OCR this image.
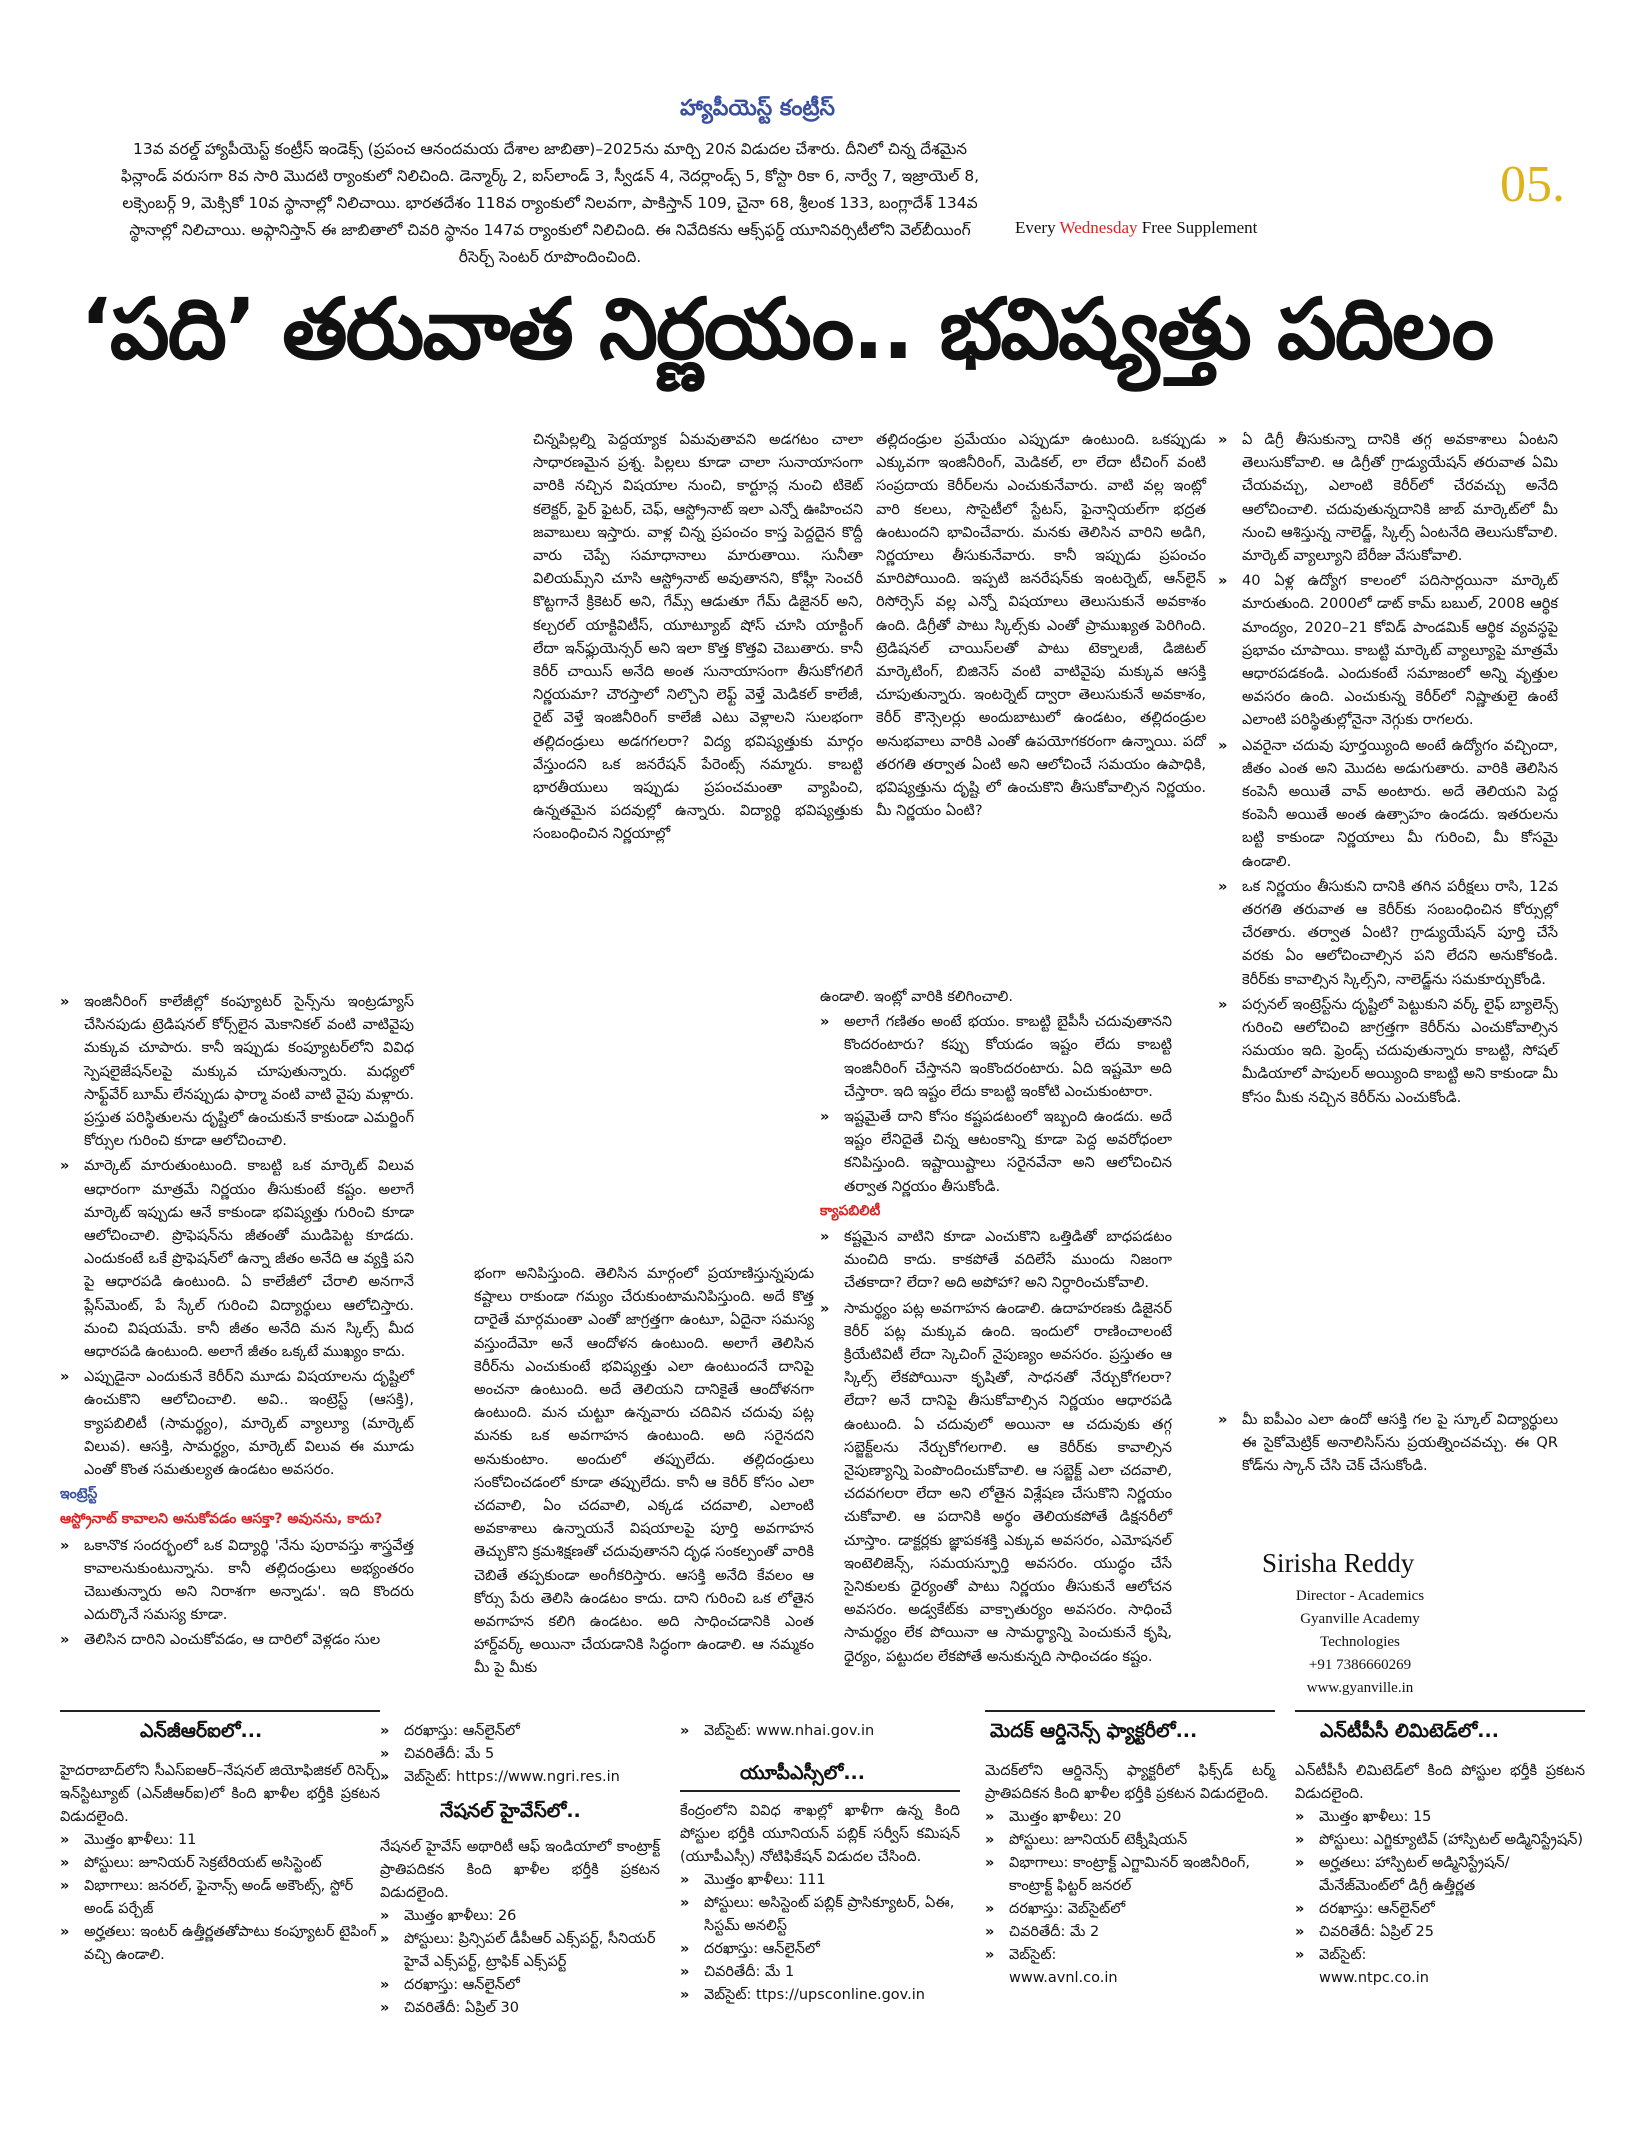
హ్యాపీయెస్ట్ కంట్రీస్
13వ వరల్డ్ హ్యాపీయెస్ట్ కంట్రీస్ ఇండెక్స్ (ప్రపంచ ఆనందమయ దేశాల జాబితా)–2025ను మార్చి 20న విడుదల చేశారు. దీనిలో చిన్న దేశమైన ఫిన్లాండ్ వరుసగా 8వ సారి మొదటి ర్యాంకులో నిలిచింది. డెన్మార్క్ 2, ఐస్‌లాండ్ 3, స్వీడన్ 4, నెదర్లాండ్స్ 5, కోస్టా రికా 6, నార్వే 7, ఇజ్రాయెల్ 8, లక్సెంబర్గ్ 9, మెక్సికో 10వ స్థానాల్లో నిలిచాయి. భారతదేశం 118వ ర్యాంకులో నిలవగా, పాకిస్తాన్ 109, చైనా 68, శ్రీలంక 133, బంగ్లాదేశ్ 134వ స్థానాల్లో నిలిచాయి. అఫ్గానిస్తాన్ ఈ జాబితాలో చివరి స్థానం 147వ ర్యాంకులో నిలిచింది. ఈ నివేదికను ఆక్స్‌ఫర్డ్ యూనివర్సిటీలోని వెల్‌బీయింగ్ రీసెర్చ్ సెంటర్ రూపొందించింది.
05.
Every Wednesday Free Supplement
‘పది’ తరువాత నిర్ణయం.. భవిష్యత్తు పదిలం

చిన్నపిల్లల్ని పెద్దయ్యాక ఏమవుతావని అడగటం చాలా సాధారణమైన ప్రశ్న. పిల్లలు కూడా చాలా సునాయాసంగా వారికి నచ్చిన విషయాల నుంచి, కార్టూన్ల నుంచి టికెట్ కలెక్టర్, ఫైర్ ఫైటర్, చెఫ్, ఆస్ట్రోనాట్ ఇలా ఎన్నో ఊహించని జవాబులు ఇస్తారు. వాళ్ల చిన్న ప్రపంచం కాస్త పెద్దదైన కొద్దీ వారు చెప్పే సమాధానాలు మారుతాయి. సునీతా విలియమ్స్‌ని చూసి ఆస్ట్రోనాట్ అవుతానని, కోహ్లీ సెంచరీ కొట్టగానే క్రికెటర్ అని, గేమ్స్ ఆడుతూ గేమ్ డిజైనర్ అని, కల్చరల్ యాక్టివిటీస్, యూట్యూబ్ షోస్ చూసి యాక్టింగ్ లేదా ఇన్‌ఫ్లుయెన్సర్ అని ఇలా కొత్త కొత్తవి చెబుతారు. కానీ కెరీర్ చాయిస్ అనేది అంత సునాయాసంగా తీసుకోగలిగే నిర్ణయమా? చౌరస్తాలో నిల్చొని లెఫ్ట్ వెళ్తే మెడికల్ కాలేజీ, రైట్ వెళ్తే ఇంజినీరింగ్ కాలేజీ ఎటు వెళ్లాలని సులభంగా తల్లిదండ్రులు అడగగలరా? విద్య భవిష్యత్తుకు మార్గం వేస్తుందని ఒక జనరేషన్ పేరెంట్స్ నమ్మారు. కాబట్టి భారతీయులు ఇప్పుడు ప్రపంచమంతా వ్యాపించి, ఉన్నతమైన పదవుల్లో ఉన్నారు. విద్యార్థి భవిష్యత్తుకు సంబంధించిన నిర్ణయాల్లో

తల్లిదండ్రుల ప్రమేయం ఎప్పుడూ ఉంటుంది. ఒకప్పుడు ఎక్కువగా ఇంజినీరింగ్, మెడికల్, లా లేదా టీచింగ్ వంటి సంప్రదాయ కెరీర్‌లను ఎంచుకునేవారు. వాటి వల్ల ఇంట్లో వారి కలలు, సొసైటీలో స్టేటస్, ఫైనాన్షియల్‌గా భద్రత ఉంటుందని భావించేవారు. మనకు తెలిసిన వారిని అడిగి, నిర్ణయాలు తీసుకునేవారు. కానీ ఇప్పుడు ప్రపంచం మారిపోయింది. ఇప్పటి జనరేషన్‌కు ఇంటర్నెట్, ఆన్‌లైన్ రిసోర్సెస్ వల్ల ఎన్నో విషయాలు తెలుసుకునే అవకాశం ఉంది. డిగ్రీతో పాటు స్కిల్స్‌కు ఎంతో ప్రాముఖ్యత పెరిగింది. ట్రెడిషనల్ చాయిస్‌లతో పాటు టెక్నాలజీ, డిజిటల్ మార్కెటింగ్, బిజినెస్ వంటి వాటివైపు మక్కువ ఆసక్తి చూపుతున్నారు. ఇంటర్నెట్ ద్వారా తెలుసుకునే అవకాశం, కెరీర్ కౌన్సెలర్లు అందుబాటులో ఉండటం, తల్లిదండ్రుల అనుభవాలు వారికి ఎంతో ఉపయోగకరంగా ఉన్నాయి. పదో తరగతి తర్వాత ఏంటి అని ఆలోచించే సమయం ఉపాధికి, భవిష్యత్తును దృష్టి లో ఉంచుకొని తీసుకోవాల్సిన నిర్ణయం. మీ నిర్ణయం ఏంటి?

» ఏ డిగ్రీ తీసుకున్నా దానికి తగ్గ అవకాశాలు ఏంటని తెలుసుకోవాలి. ఆ డిగ్రీతో గ్రాడ్యుయేషన్ తరువాత ఏమి చేయవచ్చు, ఎలాంటి కెరీర్‌లో చేరవచ్చు అనేది ఆలోచించాలి. చదువుతున్నదానికి జాబ్ మార్కెట్‌లో మీ నుంచి ఆశిస్తున్న నాలెడ్జ్, స్కిల్స్ ఏంటనేది తెలుసుకోవాలి. మార్కెట్ వ్యాల్యూని బేరీజు వేసుకోవాలి.

» 40 ఏళ్ల ఉద్యోగ కాలంలో పదిసార్లయినా మార్కెట్ మారుతుంది. 2000లో డాట్ కామ్ బబుల్, 2008 ఆర్థిక మాంద్యం, 2020–21 కోవిడ్ పాండమిక్ ఆర్థిక వ్యవస్థపై ప్రభావం చూపాయి. కాబట్టి మార్కెట్ వ్యాల్యూపై మాత్రమే ఆధారపడకండి. ఎందుకంటే సమాజంలో అన్ని వృత్తుల అవసరం ఉంది. ఎంచుకున్న కెరీర్‌లో నిష్ణాతులై ఉంటే ఎలాంటి పరిస్థితుల్లోనైనా నెగ్గుకు రాగలరు.

» ఎవరైనా చదువు పూర్తయ్యింది అంటే ఉద్యోగం వచ్చిందా, జీతం ఎంత అని మొదట అడుగుతారు. వారికి తెలిసిన కంపెనీ అయితే వావ్ అంటారు. అదే తెలియని పెద్ద కంపెనీ అయితే అంత ఉత్సాహం ఉండదు. ఇతరులను బట్టి కాకుండా నిర్ణయాలు మీ గురించి, మీ కోసమై ఉండాలి.

» ఒక నిర్ణయం తీసుకుని దానికి తగిన పరీక్షలు రాసి, 12వ తరగతి తరువాత ఆ కెరీర్‌కు సంబంధించిన కోర్సుల్లో చేరతారు. తర్వాత ఏంటి? గ్రాడ్యుయేషన్ పూర్తి చేసే వరకు ఏం ఆలోచించాల్సిన పని లేదని అనుకోకండి. కెరీర్‌కు కావాల్సిన స్కిల్స్‌ని, నాలెడ్జ్‌ను సమకూర్చుకోండి.

» పర్సనల్ ఇంట్రెస్ట్‌ను దృష్టిలో పెట్టుకుని వర్క్ లైఫ్ బ్యాలెన్స్ గురించి ఆలోచించి జాగ్రత్తగా కెరీర్‌ను ఎంచుకోవాల్సిన సమయం ఇది. ఫ్రెండ్స్ చదువుతున్నారు కాబట్టి, సోషల్ మీడియాలో పాపులర్ అయ్యింది కాబట్టి అని కాకుండా మీ కోసం మీకు నచ్చిన కెరీర్‌ను ఎంచుకోండి.

» మీ ఐపీఎం ఎలా ఉందో ఆసక్తి గల పై స్కూల్ విద్యార్థులు ఈ సైకోమెట్రిక్ అనాలిసిస్‌ను ప్రయత్నించవచ్చు. ఈ QR కోడ్‌ను స్కాన్ చేసి చెక్ చేసుకోండి.

Sirisha Reddy
Director - Academics
Gyanville Academy
Technologies
+91 7386660269
www.gyanville.in

» ఇంజినీరింగ్ కాలేజీల్లో కంప్యూటర్ సైన్స్‌ను ఇంట్రడ్యూస్ చేసినపుడు ట్రెడిషనల్ కోర్స్‌లైన మెకానికల్ వంటి వాటివైపు మక్కువ చూపారు. కానీ ఇప్పుడు కంప్యూటర్‌లోని వివిధ స్పెషలైజేషన్‌లపై మక్కువ చూపుతున్నారు. మధ్యలో సాఫ్ట్‌వేర్ బూమ్ లేనప్పుడు ఫార్మా వంటి వాటి వైపు మళ్లారు. ప్రస్తుత పరిస్థితులను దృష్టిలో ఉంచుకునే కాకుండా ఎమర్జింగ్ కోర్సుల గురించి కూడా ఆలోచించాలి.

» మార్కెట్ మారుతుంటుంది. కాబట్టి ఒక మార్కెట్ విలువ ఆధారంగా మాత్రమే నిర్ణయం తీసుకుంటే కష్టం. అలాగే మార్కెట్ ఇప్పుడు ఆనే కాకుండా భవిష్యత్తు గురించి కూడా ఆలోచించాలి. ప్రొఫెషన్‌ను జీతంతో ముడిపెట్ట కూడదు. ఎందుకంటే ఒకే ప్రొఫెషన్‌లో ఉన్నా జీతం అనేది ఆ వ్యక్తి పని పై ఆధారపడి ఉంటుంది. ఏ కాలేజీలో చేరాలి అనగానే ప్లేస్‌మెంట్, పే స్కేల్ గురించి విద్యార్థులు ఆలోచిస్తారు. మంచి విషయమే. కానీ జీతం అనేది మన స్కిల్స్ మీద ఆధారపడి ఉంటుంది. అలాగే జీతం ఒక్కటే ముఖ్యం కాదు.

» ఎప్పుడైనా ఎందుకునే కెరీర్‌ని మూడు విషయాలను దృష్టిలో ఉంచుకొని ఆలోచించాలి. అవి.. ఇంట్రెస్ట్ (ఆసక్తి), క్యాపబిలిటీ (సామర్థ్యం), మార్కెట్ వ్యాల్యూ (మార్కెట్ విలువ). ఆసక్తి, సామర్థ్యం, మార్కెట్ విలువ ఈ మూడు ఎంతో కొంత సమతుల్యత ఉండటం అవసరం.

ఇంట్రెస్ట్

ఆస్ట్రోనాట్ కావాలని అనుకోవడం ఆసక్తా? అవునను, కాదు?

» ఒకానొక సందర్భంలో ఒక విద్యార్థి 'నేను పురావస్తు శాస్త్రవేత్త కావాలనుకుంటున్నాను. కానీ తల్లిదండ్రులు అభ్యంతరం చెబుతున్నారు అని నిరాశగా అన్నాడు'. ఇది కొందరు ఎదుర్కొనే సమస్య కూడా.

» తెలిసిన దారిని ఎంచుకోవడం, ఆ దారిలో వెళ్లడం సుల

భంగా అనిపిస్తుంది. తెలిసిన మార్గంలో ప్రయాణిస్తున్నపుడు కష్టాలు రాకుండా గమ్యం చేరుకుంటామనిపిస్తుంది. అదే కొత్త దారైతే మార్గమంతా ఎంతో జాగ్రత్తగా ఉంటూ, ఏదైనా సమస్య వస్తుందేమో అనే ఆందోళన ఉంటుంది. అలాగే తెలిసిన కెరీర్‌ను ఎంచుకుంటే భవిష్యత్తు ఎలా ఉంటుందనే దానిపై అంచనా ఉంటుంది. అదే తెలియని దానికైతే ఆందోళనగా ఉంటుంది. మన చుట్టూ ఉన్నవారు చదివిన చదువు పట్ల మనకు ఒక అవగాహన ఉంటుంది. అది సరైనదని అనుకుంటాం. అందులో తప్పులేదు. తల్లిదండ్రులు సంకోచించడంలో కూడా తప్పులేదు. కానీ ఆ కెరీర్ కోసం ఎలా చదవాలి, ఏం చదవాలి, ఎక్కడ చదవాలి, ఎలాంటి అవకాశాలు ఉన్నాయనే విషయాలపై పూర్తి అవగాహన తెచ్చుకొని క్రమశిక్షణతో చదువుతానని దృఢ సంకల్పంతో వారికి చెబితే తప్పకుండా అంగీకరిస్తారు. ఆసక్తి అనేది కేవలం ఆ కోర్సు పేరు తెలిసి ఉండటం కాదు. దాని గురించి ఒక లోతైన అవగాహన కలిగి ఉండటం. అది సాధించడానికి ఎంత హార్డ్‌వర్క్ అయినా చేయడానికి సిద్ధంగా ఉండాలి. ఆ నమ్మకం మీ పై మీకు

ఉండాలి. ఇంట్లో వారికి కలిగించాలి.

» అలాగే గణితం అంటే భయం. కాబట్టి బైపీసీ చదువుతానని కొందరంటారు? కప్పు కోయడం ఇష్టం లేదు కాబట్టి ఇంజినీరింగ్ చేస్తానని ఇంకొందరంటారు. ఏది ఇష్టమో అది చేస్తారా. ఇది ఇష్టం లేదు కాబట్టి ఇంకోటి ఎంచుకుంటారా.

» ఇష్టమైతే దాని కోసం కష్టపడటంలో ఇబ్బంది ఉండదు. అదే ఇష్టం లేనిదైతే చిన్న ఆటంకాన్ని కూడా పెద్ద అవరోధంలా కనిపిస్తుంది. ఇష్టాయిష్టాలు సరైనవేనా అని ఆలోచించిన తర్వాత నిర్ణయం తీసుకోండి.

క్యాపబిలిటీ

» కష్టమైన వాటిని కూడా ఎంచుకొని ఒత్తిడితో బాధపడటం మంచిది కాదు. కాకపోతే వదిలేసే ముందు నిజంగా చేతకాదా? లేదా? అది అపోహా? అని నిర్ధారించుకోవాలి.

» సామర్థ్యం పట్ల అవగాహన ఉండాలి. ఉదాహరణకు డిజైనర్ కెరీర్ పట్ల మక్కువ ఉంది. ఇందులో రాణించాలంటే క్రియేటివిటీ లేదా స్కెచింగ్ నైపుణ్యం అవసరం. ప్రస్తుతం ఆ స్కిల్స్ లేకపోయినా కృషితో, సాధనతో నేర్చుకోగలరా? లేదా? అనే దానిపై తీసుకోవాల్సిన నిర్ణయం ఆధారపడి ఉంటుంది. ఏ చదువులో అయినా ఆ చదువుకు తగ్గ సబ్జెక్ట్‌లను నేర్చుకోగలగాలి. ఆ కెరీర్‌కు కావాల్సిన నైపుణ్యాన్ని పెంపొందించుకోవాలి. ఆ సబ్జెక్ట్ ఎలా చదవాలి, చదవగలరా లేదా అని లోతైన విశ్లేషణ చేసుకొని నిర్ణయం చుకోవాలి. ఆ పదానికి అర్థం తెలియకపోతే డిక్షనరీలో చూస్తాం. డాక్టర్లకు జ్ఞాపకశక్తి ఎక్కువ అవసరం, ఎమోషనల్ ఇంటెలిజెన్స్, సమయస్ఫూర్తి అవసరం. యుద్ధం చేసే సైనికులకు ధైర్యంతో పాటు నిర్ణయం తీసుకునే ఆలోచన అవసరం. అడ్వకేట్‌కు వాక్చాతుర్యం అవసరం. సాధించే సామర్థ్యం లేక పోయినా ఆ సామర్థ్యాన్ని పెంచుకునే కృషి, ధైర్యం, పట్టుదల లేకపోతే అనుకున్నది సాధించడం కష్టం.

ఎన్‌జీఆర్‌ఐలో...

హైదరాబాద్‌లోని సీఎస్ఐఆర్–నేషనల్ జియోఫిజికల్ రిసెర్చ్ ఇన్‌స్టిట్యూట్ (ఎన్‌జీఆర్‌ఐ)లో కింది ఖాళీల భర్తీకి ప్రకటన విడుదలైంది.

» మొత్తం ఖాళీలు: 11

» పోస్టులు: జూనియర్ సెక్రటేరియట్ అసిస్టెంట్

» విభాగాలు: జనరల్, ఫైనాన్స్ అండ్ అకౌంట్స్, స్టోర్ అండ్ పర్చేజ్

» అర్హతలు: ఇంటర్ ఉత్తీర్ణతతోపాటు కంప్యూటర్ టైపింగ్ వచ్చి ఉండాలి.

» దరఖాస్తు: ఆన్‌లైన్‌లో

» చివరితేదీ: మే 5

» వెబ్‌సైట్: https://www.ngri.res.in

నేషనల్ హైవేస్‌లో..

నేషనల్ హైవేస్ అథారిటీ ఆఫ్ ఇండియాలో కాంట్రాక్ట్ ప్రాతిపదికన కింది ఖాళీల భర్తీకి ప్రకటన విడుదలైంది.

» మొత్తం ఖాళీలు: 26

» పోస్టులు: ప్రిన్సిపల్ డీపీఆర్ ఎక్స్‌పర్ట్, సీనియర్ హైవే ఎక్స్‌పర్ట్, ట్రాఫిక్ ఎక్స్‌పర్ట్

» దరఖాస్తు: ఆన్‌లైన్‌లో

» చివరితేదీ: ఏప్రిల్ 30

» వెబ్‌సైట్: www.nhai.gov.in

యూపీఎస్సీలో...

కేంద్రంలోని వివిధ శాఖల్లో ఖాళీగా ఉన్న కింది పోస్టుల భర్తీకి యూనియన్ పబ్లిక్ సర్వీస్ కమిషన్ (యూపీఎస్సీ) నోటిఫికేషన్ విడుదల చేసింది.

» మొత్తం ఖాళీలు: 111

» పోస్టులు: అసిస్టెంట్ పబ్లిక్ ప్రాసిక్యూటర్, ఏఈ, సిస్టమ్ అనలిస్ట్

» దరఖాస్తు: ఆన్‌లైన్‌లో

» చివరితేదీ: మే 1

» వెబ్‌సైట్: ttps://upsconline.gov.in

మెదక్ ఆర్డినెన్స్ ఫ్యాక్టరీలో...

మెదక్‌లోని ఆర్డినెన్స్ ఫ్యాక్టరీలో ఫిక్స్‌డ్ టర్మ్ ప్రాతిపదికన కింది ఖాళీల భర్తీకి ప్రకటన విడుదలైంది.

» మొత్తం ఖాళీలు: 20

» పోస్టులు: జూనియర్ టెక్నీషియన్

» విభాగాలు: కాంట్రాక్ట్ ఎగ్జామినర్ ఇంజినీరింగ్, కాంట్రాక్ట్ ఫిట్టర్ జనరల్

» దరఖాస్తు: వెబ్‌సైట్‌లో

» చివరితేదీ: మే 2

» వెబ్‌సైట్:

www.avnl.co.in

ఎన్‌టీపీసీ లిమిటెడ్‌లో...

ఎన్‌టీపీసీ లిమిటెడ్‌లో కింది పోస్టుల భర్తీకి ప్రకటన విడుదలైంది.

» మొత్తం ఖాళీలు: 15

» పోస్టులు: ఎగ్జిక్యూటివ్ (హాస్పిటల్ అడ్మినిస్ట్రేషన్)

» అర్హతలు: హాస్పిటల్ అడ్మినిస్ట్రేషన్/మేనేజ్‌మెంట్‌లో డిగ్రీ ఉత్తీర్ణత

» దరఖాస్తు: ఆన్‌లైన్‌లో

» చివరితేదీ: ఏప్రిల్ 25

» వెబ్‌సైట్:

www.ntpc.co.in
